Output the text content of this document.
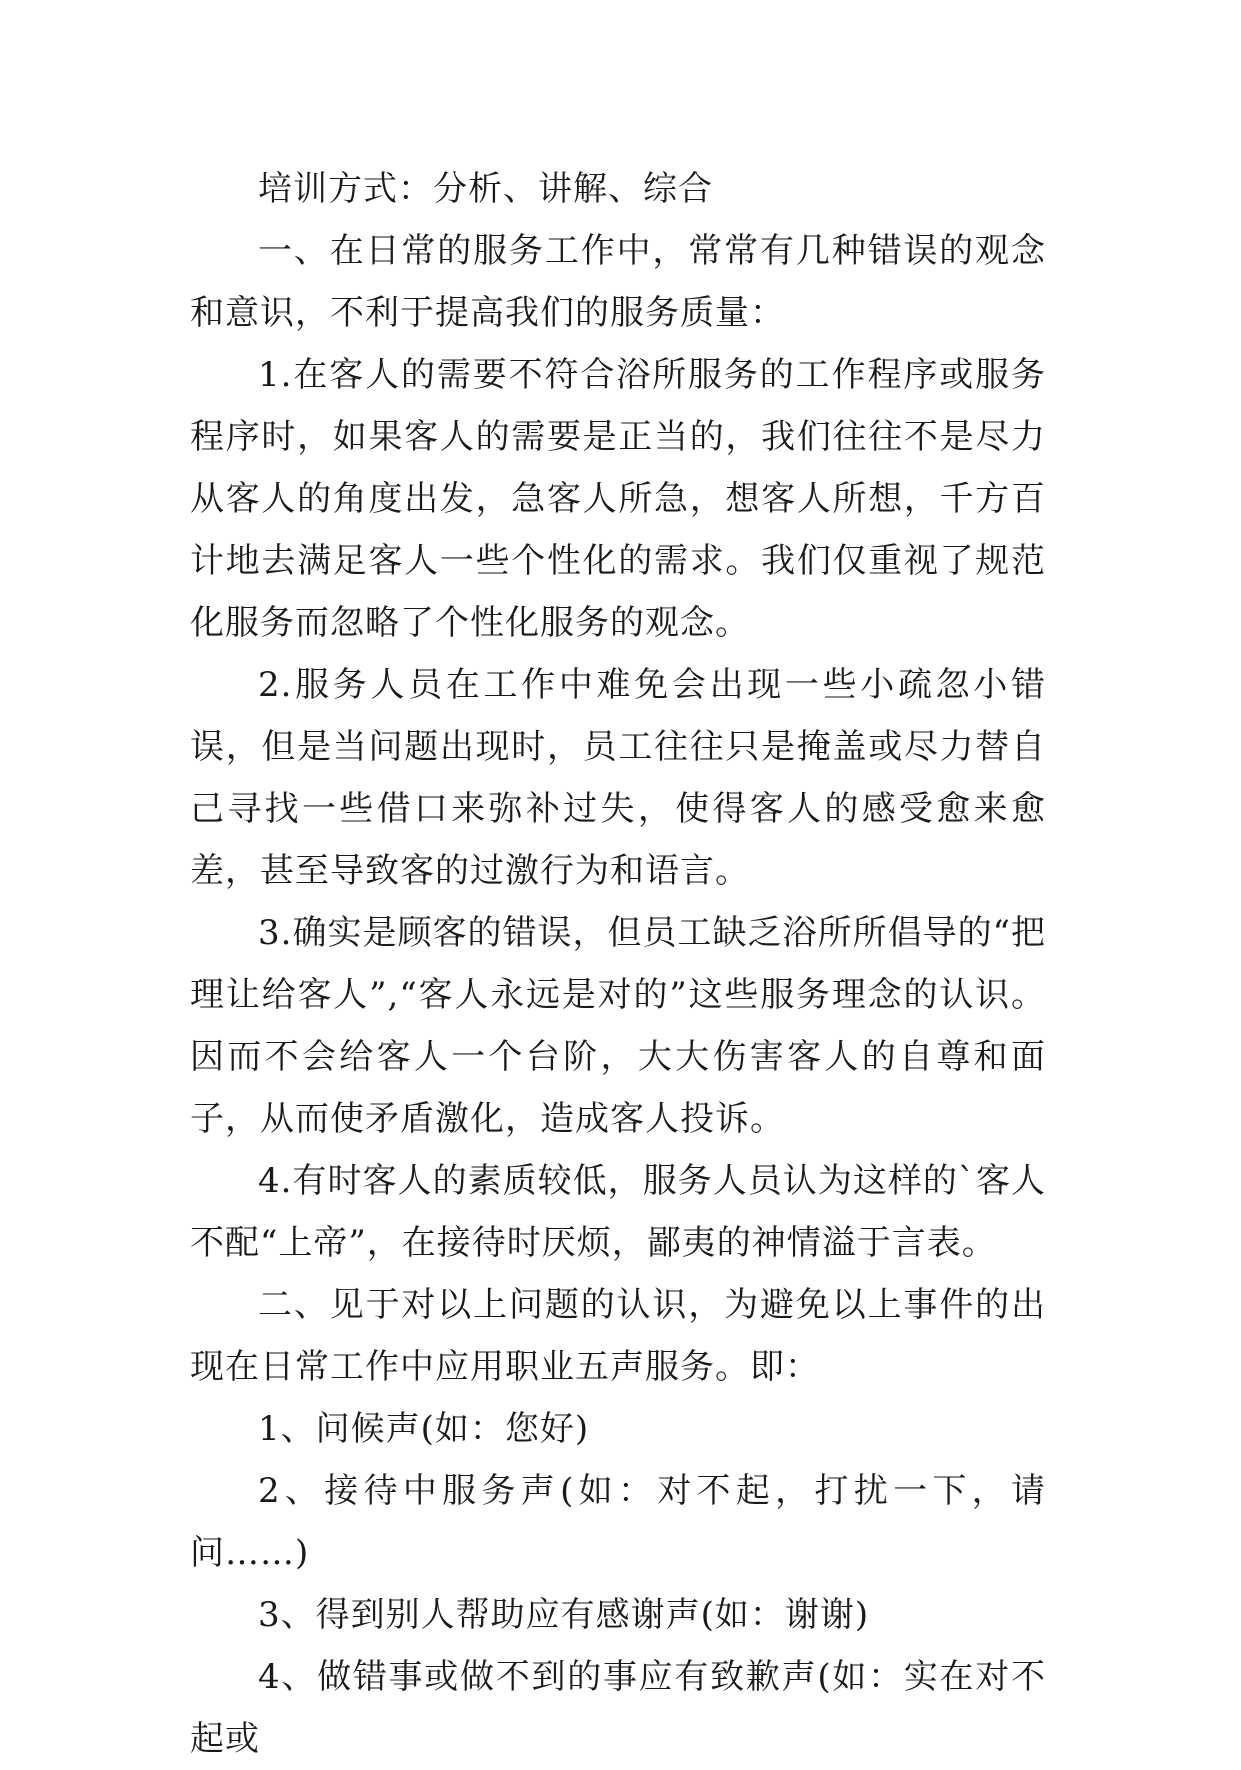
培训方式：分析、讲解、综合

一、在日常的服务工作中，常常有几种错误的观念和意识，不利于提高我们的服务质量：

1.在客人的需要不符合浴所服务的工作程序或服务程序时，如果客人的需要是正当的，我们往往不是尽力从客人的角度出发，急客人所急，想客人所想，千方百计地去满足客人一些个性化的需求。我们仅重视了规范化服务而忽略了个性化服务的观念。

2.服务人员在工作中难免会出现一些小疏忽小错误，但是当问题出现时，员工往往只是掩盖或尽力替自己寻找一些借口来弥补过失，使得客人的感受愈来愈差，甚至导致客的过激行为和语言。

3.确实是顾客的错误，但员工缺乏浴所所倡导的“把理让给客人”,“客人永远是对的”这些服务理念的认识。因而不会给客人一个台阶，大大伤害客人的自尊和面子，从而使矛盾激化，造成客人投诉。

4.有时客人的素质较低，服务人员认为这样的`客人不配“上帝”，在接待时厌烦，鄙夷的神情溢于言表。

二、见于对以上问题的认识，为避免以上事件的出现在日常工作中应用职业五声服务。即：

1、问候声(如：您好)

2、接待中服务声(如：对不起，打扰一下，请问……)

3、得到别人帮助应有感谢声(如：谢谢)

4、做错事或做不到的事应有致歉声(如：实在对不起或
